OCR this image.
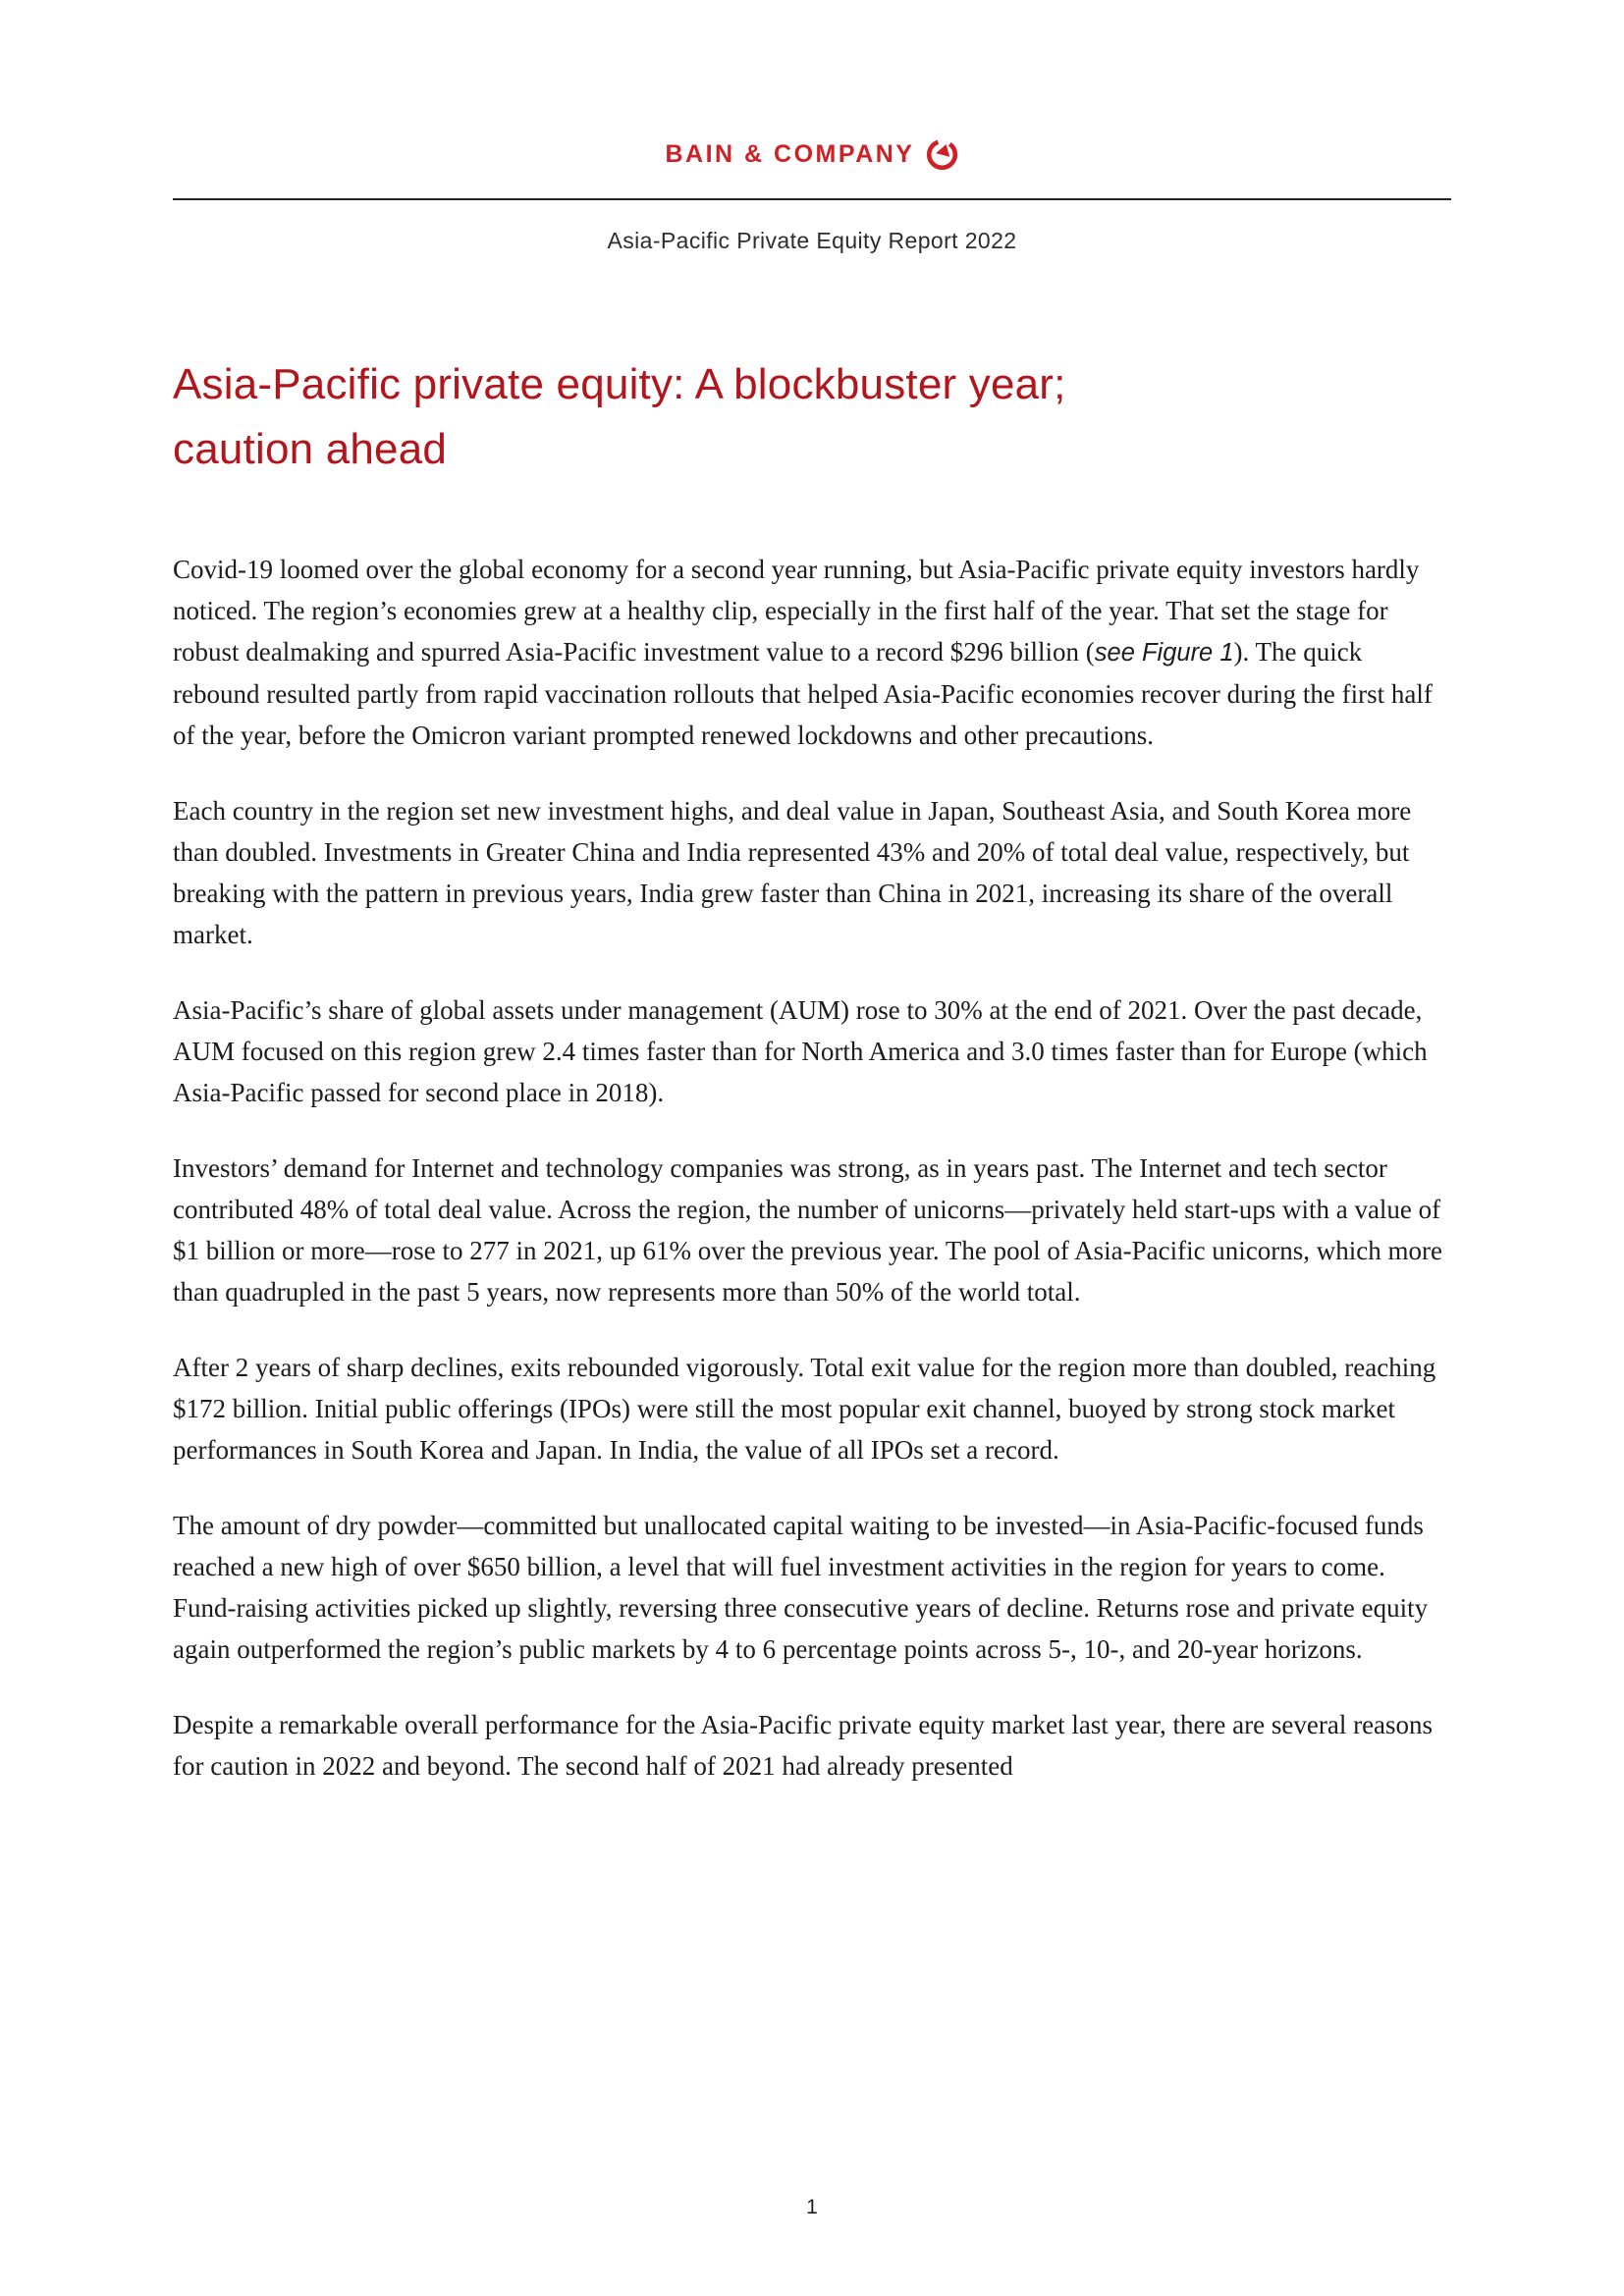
BAIN & COMPANY
Asia-Pacific Private Equity Report 2022
Asia-Pacific private equity: A blockbuster year;
caution ahead

Covid-19 loomed over the global economy for a second year running, but Asia-Pacific private equity investors hardly noticed. The region’s economies grew at a healthy clip, especially in the first half of the year. That set the stage for robust dealmaking and spurred Asia-Pacific investment value to a record $296 billion (see Figure 1). The quick rebound resulted partly from rapid vaccination rollouts that helped Asia-Pacific economies recover during the first half of the year, before the Omicron variant prompted renewed lockdowns and other precautions.

Each country in the region set new investment highs, and deal value in Japan, Southeast Asia, and South Korea more than doubled. Investments in Greater China and India represented 43% and 20% of total deal value, respectively, but breaking with the pattern in previous years, India grew faster than China in 2021, increasing its share of the overall market.

Asia-Pacific’s share of global assets under management (AUM) rose to 30% at the end of 2021. Over the past decade, AUM focused on this region grew 2.4 times faster than for North America and 3.0 times faster than for Europe (which Asia-Pacific passed for second place in 2018).

Investors’ demand for Internet and technology companies was strong, as in years past. The Internet and tech sector contributed 48% of total deal value. Across the region, the number of unicorns—privately held start-ups with a value of $1 billion or more—rose to 277 in 2021, up 61% over the previous year. The pool of Asia-Pacific unicorns, which more than quadrupled in the past 5 years, now represents more than 50% of the world total.

After 2 years of sharp declines, exits rebounded vigorously. Total exit value for the region more than doubled, reaching $172 billion. Initial public offerings (IPOs) were still the most popular exit channel, buoyed by strong stock market performances in South Korea and Japan. In India, the value of all IPOs set a record.

The amount of dry powder—committed but unallocated capital waiting to be invested—in Asia-Pacific-focused funds reached a new high of over $650 billion, a level that will fuel investment activities in the region for years to come. Fund-raising activities picked up slightly, reversing three consecutive years of decline. Returns rose and private equity again outperformed the region’s public markets by 4 to 6 percentage points across 5-, 10-, and 20-year horizons.

Despite a remarkable overall performance for the Asia-Pacific private equity market last year, there are several reasons for caution in 2022 and beyond. The second half of 2021 had already presented

1
